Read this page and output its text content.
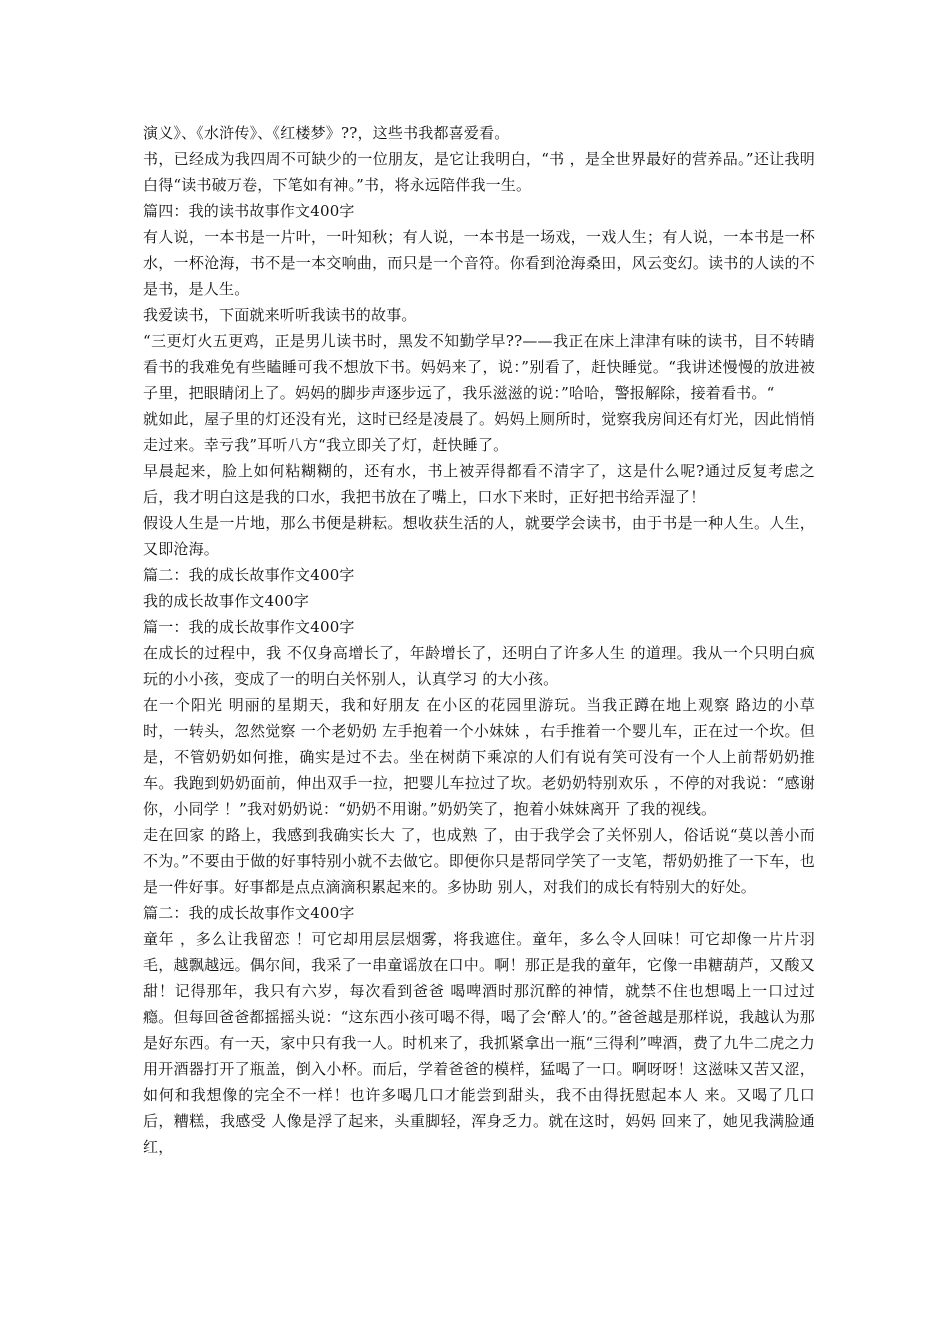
演义》、《水浒传》、《红楼梦》??，这些书我都喜爱看。

书，已经成为我四周不可缺少的一位朋友，是它让我明白，“书 ，是全世界最好的营养品。”还让我明白得“读书破万卷，下笔如有神。”书，将永远陪伴我一生。

篇四：我的读书故事作文400字

有人说，一本书是一片叶，一叶知秋；有人说，一本书是一场戏，一戏人生；有人说，一本书是一杯水，一杯沧海，书不是一本交响曲，而只是一个音符。你看到沧海桑田，风云变幻。读书的人读的不是书，是人生。

我爱读书，下面就来听听我读书的故事。

“三更灯火五更鸡，正是男儿读书时，黑发不知勤学早??——我正在床上津津有味的读书，目不转睛看书的我难免有些瞌睡可我不想放下书。妈妈来了，说：”别看了，赶快睡觉。“我讲述慢慢的放进被子里，把眼睛闭上了。妈妈的脚步声逐步远了，我乐滋滋的说：”哈哈，警报解除，接着看书。“

就如此，屋子里的灯还没有光，这时已经是凌晨了。妈妈上厕所时，觉察我房间还有灯光，因此悄悄走过来。幸亏我”耳听八方“我立即关了灯，赶快睡了。

早晨起来，脸上如何粘糊糊的，还有水，书上被弄得都看不清字了，这是什么呢?通过反复考虑之后，我才明白这是我的口水，我把书放在了嘴上，口水下来时，正好把书给弄湿了！

假设人生是一片地，那么书便是耕耘。想收获生活的人，就要学会读书，由于书是一种人生。人生，又即沧海。

篇二：我的成长故事作文400字

我的成长故事作文400字

篇一：我的成长故事作文400字

在成长的过程中，我 不仅身高增长了，年龄增长了，还明白了许多人生 的道理。我从一个只明白疯玩的小小孩，变成了一的明白关怀别人，认真学习 的大小孩。

在一个阳光 明丽的星期天，我和好朋友 在小区的花园里游玩。当我正蹲在地上观察 路边的小草 时，一转头，忽然觉察 一个老奶奶 左手抱着一个小妹妹 ，右手推着一个婴儿车，正在过一个坎。但是，不管奶奶如何推，确实是过不去。坐在树荫下乘凉的人们有说有笑可没有一个人上前帮奶奶推车。我跑到奶奶面前，伸出双手一拉，把婴儿车拉过了坎。老奶奶特别欢乐 ，不停的对我说：“感谢你，小同学 ！”我对奶奶说：“奶奶不用谢。”奶奶笑了，抱着小妹妹离开 了我的视线。

走在回家 的路上，我感到我确实长大 了，也成熟 了，由于我学会了关怀别人，俗话说“莫以善小而不为。”不要由于做的好事特别小就不去做它。即便你只是帮同学笑了一支笔，帮奶奶推了一下车，也是一件好事。好事都是点点滴滴积累起来的。多协助 别人，对我们的成长有特别大的好处。

篇二：我的成长故事作文400字

童年 ，多么让我留恋 ！可它却用层层烟雾，将我遮住。童年，多么令人回味！可它却像一片片羽毛，越飘越远。偶尔间，我采了一串童谣放在口中。啊！那正是我的童年，它像一串糖葫芦，又酸又甜！记得那年，我只有六岁，每次看到爸爸 喝啤酒时那沉醉的神情，就禁不住也想喝上一口过过瘾。但每回爸爸都摇摇头说：“这东西小孩可喝不得，喝了会‘醉人’的。”爸爸越是那样说，我越认为那是好东西。有一天，家中只有我一人。时机来了，我抓紧拿出一瓶“三得利”啤酒，费了九牛二虎之力用开酒器打开了瓶盖，倒入小杯。而后，学着爸爸的模样，猛喝了一口。啊呀呀！这滋味又苦又涩，如何和我想像的完全不一样！也许多喝几口才能尝到甜头，我不由得抚慰起本人 来。又喝了几口后，糟糕，我感受 人像是浮了起来，头重脚轻，浑身乏力。就在这时，妈妈 回来了，她见我满脸通红，
